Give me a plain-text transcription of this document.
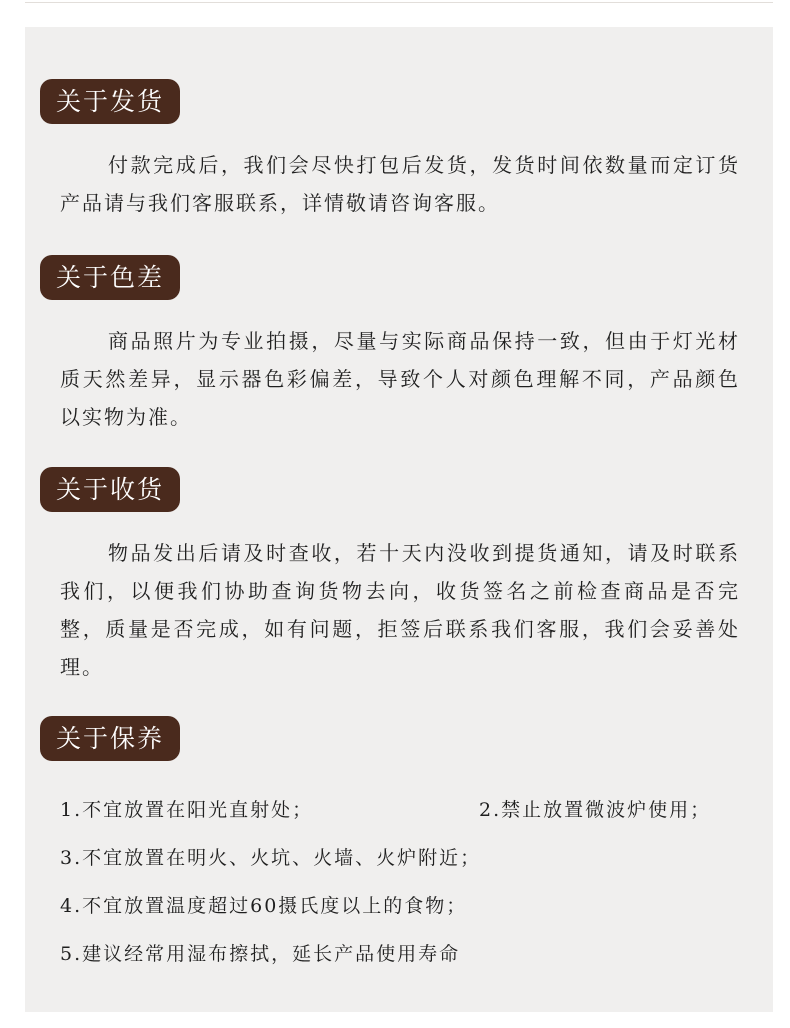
关于发货

付款完成后，我们会尽快打包后发货，发货时间依数量而定订货产品请与我们客服联系，详情敬请咨询客服。

关于色差

商品照片为专业拍摄，尽量与实际商品保持一致，但由于灯光材质天然差异，显示器色彩偏差，导致个人对颜色理解不同，产品颜色以实物为准。

关于收货

物品发出后请及时查收，若十天内没收到提货通知，请及时联系我们，以便我们协助查询货物去向，收货签名之前检查商品是否完整，质量是否完成，如有问题，拒签后联系我们客服，我们会妥善处理。

关于保养
1.不宜放置在阳光直射处；	2.禁止放置微波炉使用；
3.不宜放置在明火、火坑、火墙、火炉附近；
4.不宜放置温度超过60摄氏度以上的食物；
5.建议经常用湿布擦拭，延长产品使用寿命
